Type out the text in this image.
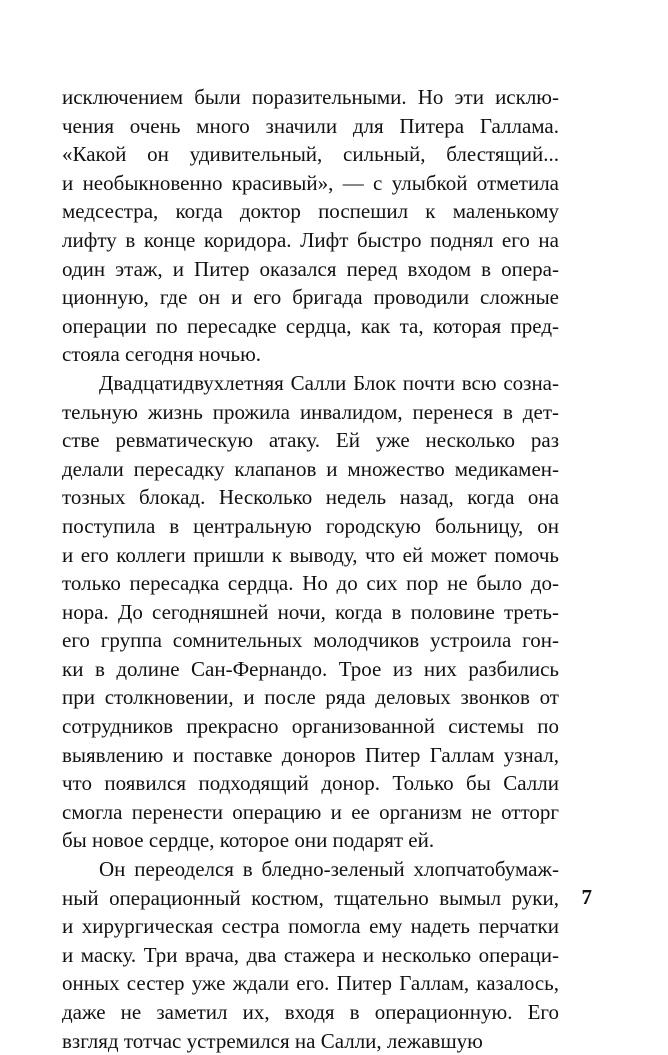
исключением были поразительными. Но эти исклю-
чения очень много значили для Питера Галлама.
«Какой он удивительный, сильный, блестящий...
и необыкновенно красивый», — с улыбкой отметила
медсестра, когда доктор поспешил к маленькому
лифту в конце коридора. Лифт быстро поднял его на
один этаж, и Питер оказался перед входом в опера-
ционную, где он и его бригада проводили сложные
операции по пересадке сердца, как та, которая пред-
стояла сегодня ночью.
Двадцатидвухлетняя Салли Блок почти всю созна-
тельную жизнь прожила инвалидом, перенеся в дет-
стве ревматическую атаку. Ей уже несколько раз
делали пересадку клапанов и множество медикамен-
тозных блокад. Несколько недель назад, когда она
поступила в центральную городскую больницу, он
и его коллеги пришли к выводу, что ей может помочь
только пересадка сердца. Но до сих пор не было до-
нора. До сегодняшней ночи, когда в половине треть-
его группа сомнительных молодчиков устроила гон-
ки в долине Сан-Фернандо. Трое из них разбились
при столкновении, и после ряда деловых звонков от
сотрудников прекрасно организованной системы по
выявлению и поставке доноров Питер Галлам узнал,
что появился подходящий донор. Только бы Салли
смогла перенести операцию и ее организм не отторг
бы новое сердце, которое они подарят ей.
Он переоделся в бледно-зеленый хлопчатобумаж-
ный операционный костюм, тщательно вымыл руки,
и хирургическая сестра помогла ему надеть перчатки
и маску. Три врача, два стажера и несколько операци-
онных сестер уже ждали его. Питер Галлам, казалось,
даже не заметил их, входя в операционную. Его
взгляд тотчас устремился на Салли, лежавшую
7
